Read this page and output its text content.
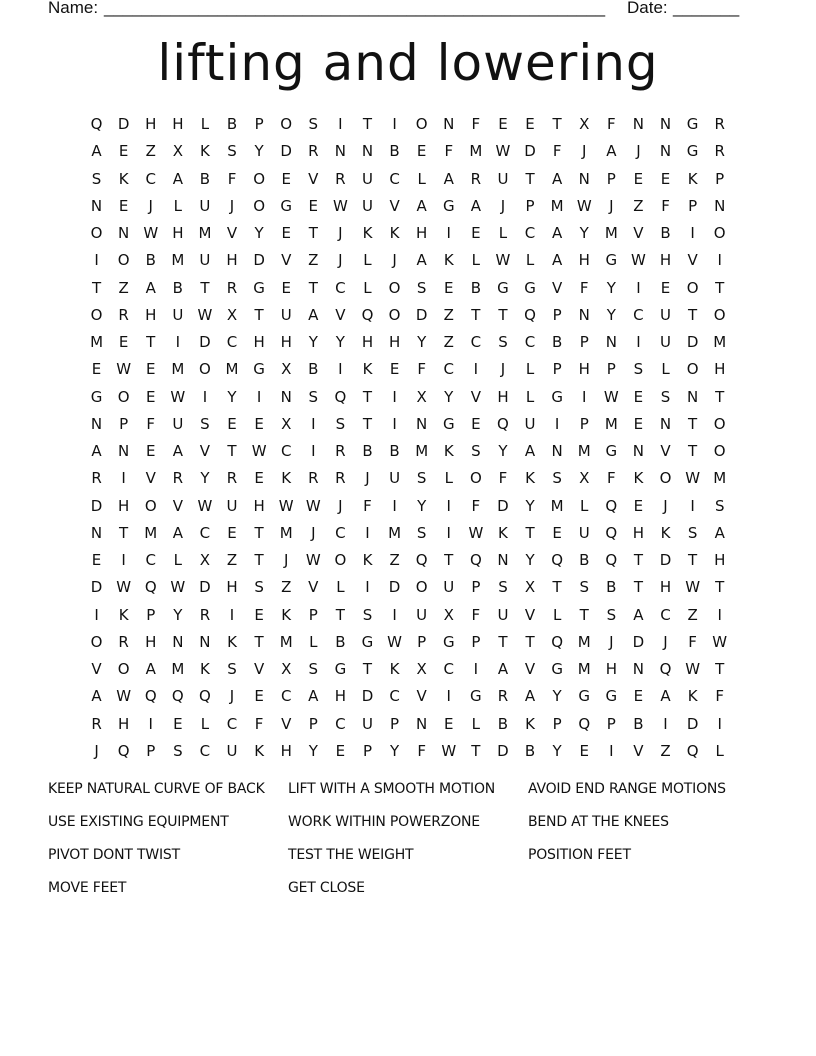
Name: _____________________________________________________ Date: _______
lifting and lowering
Q	D	H	H	L	B	P	O	S	I	T	I	O	N	F	E	E	T	X	F	N	N	G	R
A	E	Z	X	K	S	Y	D	R	N	N	B	E	F	M W D	F	J	A	J	N	G	R
S	K	C	A	B	F	O	E	V	R	U	C	L	A	R	U	T	A	N	P	E	E	K	P
N	E	J	L	U	J	O	G	E W U	V	A	G	A	J	P	M W	J	Z	F	P	N
O	N W H M	V	Y	E	T	J	K	K	H	I	E	L	C	A	Y	M	V	B	I	O
I	O	B	M	U	H	D	V	Z	J	L	J	A	K	L	W	L	A	H	G W H	V	I
T	Z	A	B	T	R	G	E	T	C	L	O	S	E	B	G	G	V	F	Y	I	E	O	T
O	R	H	U W X	T	U	A	V	Q	O	D	Z	T	T	Q	P	N	Y	C	U	T	O
M	E	T	I	D	C	H	H	Y	Y	H	H	Y	Z	C	S	C	B	P	N	I	U	D M
E W E	M O M G	X	B	I	K	E	F	C	I	J	L	P	H	P	S	L	O	H
G	O	E W	I	Y	I	N	S	Q	T	I	X	Y	V	H	L	G	I	W E	S	N	T
N	P	F	U	S	E	E	X	I	S	T	I	N	G	E	Q	U	I	P	M	E	N	T	O
A	N	E	A	V	T	W C	I	R	B	B	M	K	S	Y	A	N	M G	N	V	T	O
R	I	V	R	Y	R	E	K	R	R	J	U	S	L	O	F	K	S	X	F	K	O W M
D	H	O	V W U	H W W	J	F	I	Y	I	F	D	Y	M	L	Q	E	J	I	S
N	T	M	A	C	E	T	M	J	C	I	M	S	I	W K	T	E	U	Q	H	K	S	A
E	I	C	L	X	Z	T	J	W O	K	Z	Q	T	Q	N	Y	Q	B	Q	T	D	T	H
D W Q W D	H	S	Z	V	L	I	D	O	U	P	S	X	T	S	B	T	H W	T
I	K	P	Y	R	I	E	K	P	T	S	I	U	X	F	U	V	L	T	S	A	C	Z	I
O	R	H	N	N	K	T	M	L	B	G W	P	G	P	T	T	Q M	J	D	J	F	W
V	O	A	M	K	S	V	X	S	G	T	K	X	C	I	A	V	G M H	N	Q W	T
A W Q	Q	Q	J	E	C	A	H	D	C	V	I	G	R	A	Y	G	G	E	A	K	F
R	H	I	E	L	C	F	V	P	C	U	P	N	E	L	B	K	P	Q	P	B	I	D	I
J	Q	P	S	C	U	K	H	Y	E	P	Y	F	W	T	D	B	Y	E	I	V	Z	Q	L
KEEP NATURAL CURVE OF BACK	LIFT WITH A SMOOTH MOTION	AVOID END RANGE MOTIONS
USE EXISTING EQUIPMENT	WORK WITHIN POWERZONE	BEND AT THE KNEES
PIVOT DONT TWIST	TEST THE WEIGHT	POSITION FEET
MOVE FEET	GET CLOSE
